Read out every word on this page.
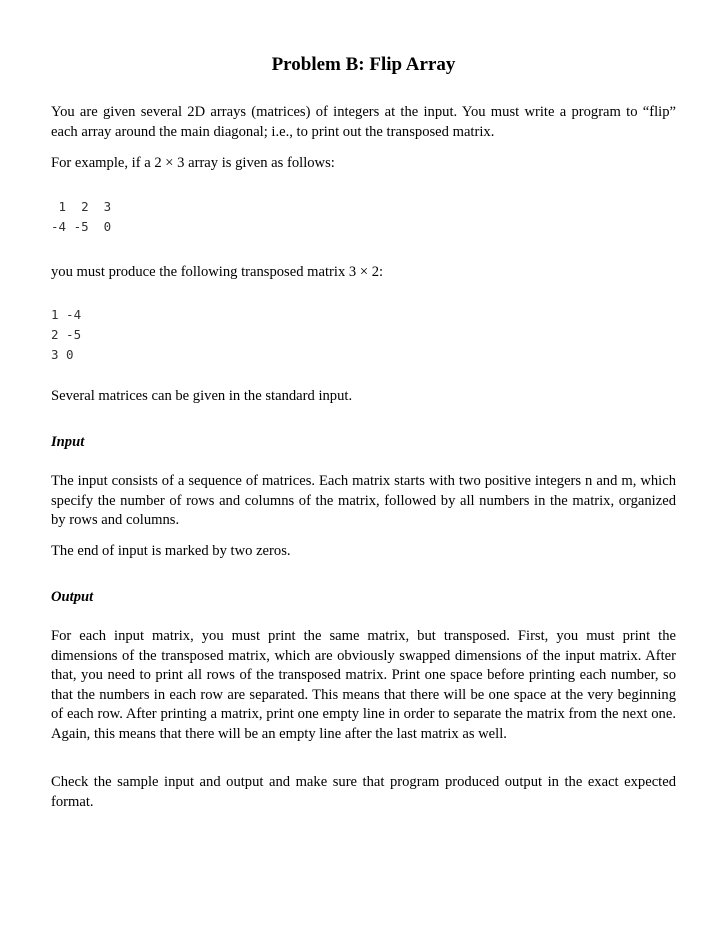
Problem B: Flip Array

You are given several 2D arrays (matrices) of integers at the input. You must write a program to “flip” each array around the main diagonal; i.e., to print out the transposed matrix.

For example, if a 2 × 3 array is given as follows:

1  2  3
-4 -5  0

you must produce the following transposed matrix 3 × 2:

1 -4
2 -5
3 0

Several matrices can be given in the standard input.

Input

The input consists of a sequence of matrices. Each matrix starts with two positive integers n and m, which specify the number of rows and columns of the matrix, followed by all numbers in the matrix, organized by rows and columns.

The end of input is marked by two zeros.

Output

For each input matrix, you must print the same matrix, but transposed. First, you must print the dimensions of the transposed matrix, which are obviously swapped dimensions of the input matrix. After that, you need to print all rows of the transposed matrix. Print one space before printing each number, so that the numbers in each row are separated. This means that there will be one space at the very beginning of each row. After printing a matrix, print one empty line in order to separate the matrix from the next one. Again, this means that there will be an empty line after the last matrix as well.

Check the sample input and output and make sure that program produced output in the exact expected format.
